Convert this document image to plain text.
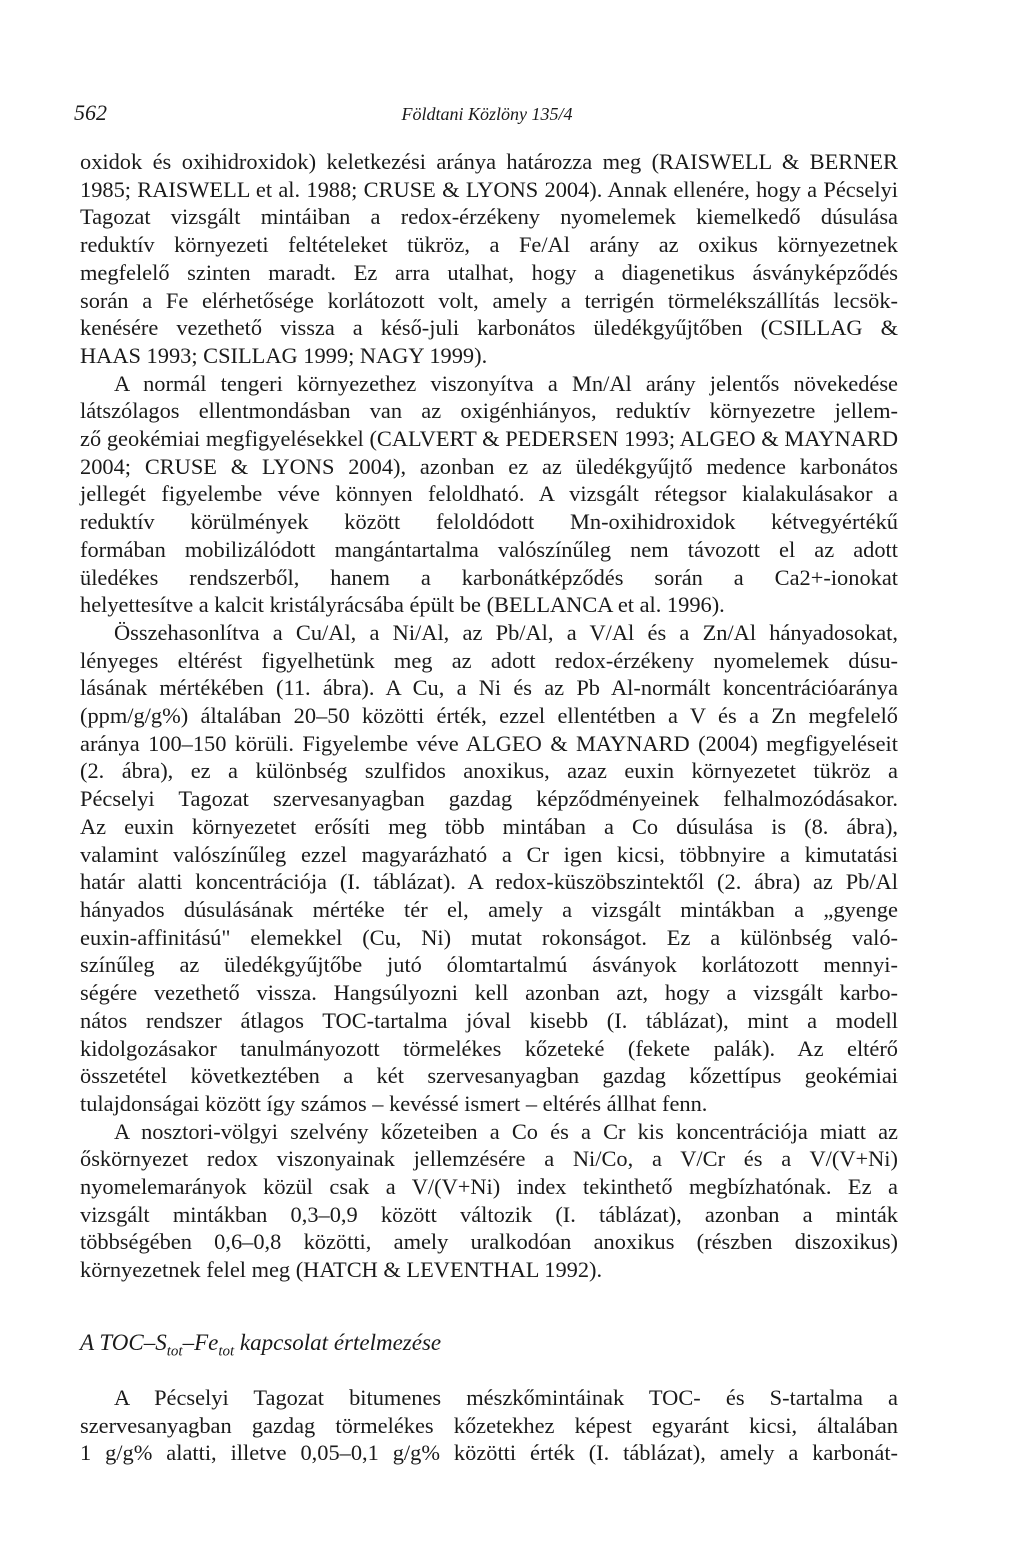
562	Földtani Közlöny 135/4

oxidok és oxihidroxidok) keletkezési aránya határozza meg (RAISWELL & BERNER
1985; RAISWELL et al. 1988; CRUSE & LYONS 2004). Annak ellenére, hogy a Pécselyi
Tagozat vizsgált mintáiban a redox-érzékeny nyomelemek kiemelkedő dúsulása
reduktív környezeti feltételeket tükröz, a Fe/Al arány az oxikus környezetnek
megfelelő szinten maradt. Ez arra utalhat, hogy a diagenetikus ásványképződés
során a Fe elérhetősége korlátozott volt, amely a terrigén törmelékszállítás lecsök-
kenésére vezethető vissza a késő-juli karbonátos üledékgyűjtőben (CSILLAG &
HAAS 1993; CSILLAG 1999; NAGY 1999).

A normál tengeri környezethez viszonyítva a Mn/Al arány jelentős növekedése
látszólagos ellentmondásban van az oxigénhiányos, reduktív környezetre jellem-
ző geokémiai megfigyelésekkel (CALVERT & PEDERSEN 1993; ALGEO & MAYNARD
2004; CRUSE & LYONS 2004), azonban ez az üledékgyűjtő medence karbonátos
jellegét figyelembe véve könnyen feloldható. A vizsgált rétegsor kialakulásakor a
reduktív körülmények között feloldódott Mn-oxihidroxidok kétvegyértékű
formában mobilizálódott mangántartalma valószínűleg nem távozott el az adott
üledékes rendszerből, hanem a karbonátképződés során a Ca2+-ionokat
helyettesítve a kalcit kristályrácsába épült be (BELLANCA et al. 1996).

Összehasonlítva a Cu/Al, a Ni/Al, az Pb/Al, a V/Al és a Zn/Al hányadosokat,
lényeges eltérést figyelhetünk meg az adott redox-érzékeny nyomelemek dúsu-
lásának mértékében (11. ábra). A Cu, a Ni és az Pb Al-normált koncentrációaránya
(ppm/g/g%) általában 20–50 közötti érték, ezzel ellentétben a V és a Zn megfelelő
aránya 100–150 körüli. Figyelembe véve ALGEO & MAYNARD (2004) megfigyeléseit
(2. ábra), ez a különbség szulfidos anoxikus, azaz euxin környezetet tükröz a
Pécselyi Tagozat szervesanyagban gazdag képződményeinek felhalmozódásakor.
Az euxin környezetet erősíti meg több mintában a Co dúsulása is (8. ábra),
valamint valószínűleg ezzel magyarázható a Cr igen kicsi, többnyire a kimutatási
határ alatti koncentrációja (I. táblázat). A redox-küszöbszintektől (2. ábra) az Pb/Al
hányados dúsulásának mértéke tér el, amely a vizsgált mintákban a „gyenge
euxin-affinitású" elemekkel (Cu, Ni) mutat rokonságot. Ez a különbség való-
színűleg az üledékgyűjtőbe jutó ólomtartalmú ásványok korlátozott mennyi-
ségére vezethető vissza. Hangsúlyozni kell azonban azt, hogy a vizsgált karbo-
nátos rendszer átlagos TOC-tartalma jóval kisebb (I. táblázat), mint a modell
kidolgozásakor tanulmányozott törmelékes kőzeteké (fekete palák). Az eltérő
összetétel következtében a két szervesanyagban gazdag kőzettípus geokémiai
tulajdonságai között így számos – kevéssé ismert – eltérés állhat fenn.

A nosztori-völgyi szelvény kőzeteiben a Co és a Cr kis koncentrációja miatt az
őskörnyezet redox viszonyainak jellemzésére a Ni/Co, a V/Cr és a V/(V+Ni)
nyomelemarányok közül csak a V/(V+Ni) index tekinthető megbízhatónak. Ez a
vizsgált mintákban 0,3–0,9 között változik (I. táblázat), azonban a minták
többségében 0,6–0,8 közötti, amely uralkodóan anoxikus (részben diszoxikus)
környezetnek felel meg (HATCH & LEVENTHAL 1992).

A TOC–$S_{tot}-Fe_{tot}$ kapcsolat értelmezése

A Pécselyi Tagozat bitumenes mészkőmintáinak TOC- és S-tartalma a
szervesanyagban gazdag törmelékes kőzetekhez képest egyaránt kicsi, általában
1 g/g% alatti, illetve 0,05–0,1 g/g% közötti érték (I. táblázat), amely a karbonát-
